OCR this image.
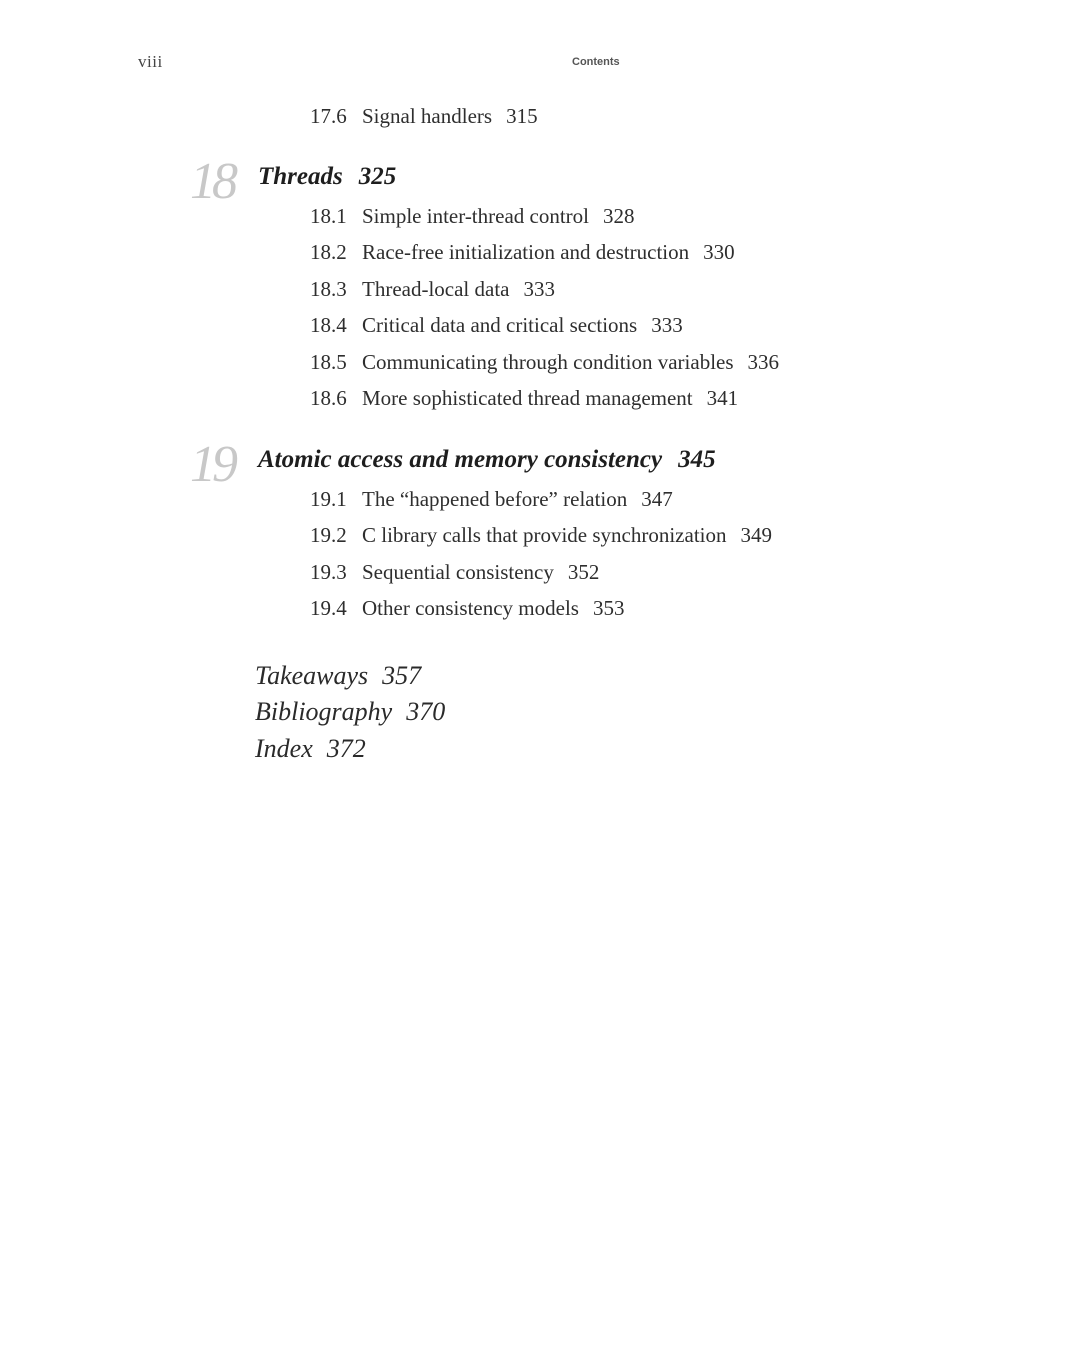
viii	Contents
17.6 Signal handlers 315
18 Threads 325
18.1 Simple inter-thread control 328
18.2 Race-free initialization and destruction 330
18.3 Thread-local data 333
18.4 Critical data and critical sections 333
18.5 Communicating through condition variables 336
18.6 More sophisticated thread management 341
19 Atomic access and memory consistency 345
19.1 The “happened before” relation 347
19.2 C library calls that provide synchronization 349
19.3 Sequential consistency 352
19.4 Other consistency models 353
Takeaways 357
Bibliography 370
Index 372
